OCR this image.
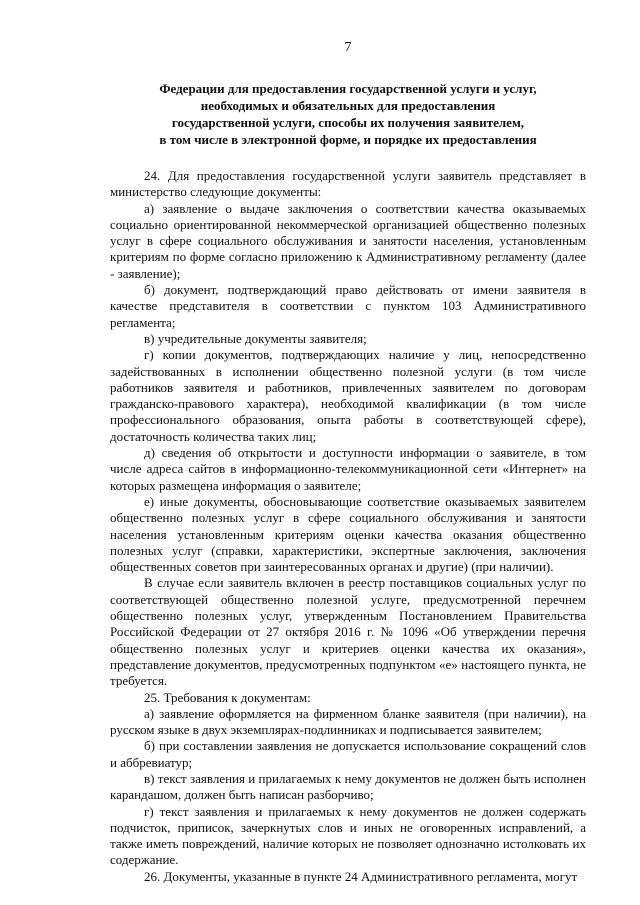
7
Федерации для предоставления государственной услуги и услуг,
необходимых и обязательных для предоставления
государственной услуги, способы их получения заявителем,
в том числе в электронной форме, и порядке их предоставления

24. Для предоставления государственной услуги заявитель представляет в министерство следующие документы:

а) заявление о выдаче заключения о соответствии качества оказываемых социально ориентированной некоммерческой организацией общественно полезных услуг в сфере социального обслуживания и занятости населения, установленным критериям по форме согласно приложению к Административному регламенту (далее - заявление);

б) документ, подтверждающий право действовать от имени заявителя в качестве представителя в соответствии с пунктом 103 Административного регламента;

в) учредительные документы заявителя;

г) копии документов, подтверждающих наличие у лиц, непосредственно задействованных в исполнении общественно полезной услуги (в том числе работников заявителя и работников, привлеченных заявителем по договорам гражданско-правового характера), необходимой квалификации (в том числе профессионального образования, опыта работы в соответствующей сфере), достаточность количества таких лиц;

д) сведения об открытости и доступности информации о заявителе, в том числе адреса сайтов в информационно-телекоммуникационной сети «Интернет» на которых размещена информация о заявителе;

е) иные документы, обосновывающие соответствие оказываемых заявителем общественно полезных услуг в сфере социального обслуживания и занятости населения установленным критериям оценки качества оказания общественно полезных услуг (справки, характеристики, экспертные заключения, заключения общественных советов при заинтересованных органах и другие) (при наличии).

В случае если заявитель включен в реестр поставщиков социальных услуг по соответствующей общественно полезной услуге, предусмотренной перечнем общественно полезных услуг, утвержденным Постановлением Правительства Российской Федерации от 27 октября 2016 г. № 1096 «Об утверждении перечня общественно полезных услуг и критериев оценки качества их оказания», представление документов, предусмотренных подпунктом «е» настоящего пункта, не требуется.

25. Требования к документам:

а) заявление оформляется на фирменном бланке заявителя (при наличии), на русском языке в двух экземплярах-подлинниках и подписывается заявителем;

б) при составлении заявления не допускается использование сокращений слов и аббревиатур;

в) текст заявления и прилагаемых к нему документов не должен быть исполнен карандашом, должен быть написан разборчиво;

г) текст заявления и прилагаемых к нему документов не должен содержать подчисток, приписок, зачеркнутых слов и иных не оговоренных исправлений, а также иметь повреждений, наличие которых не позволяет однозначно истолковать их содержание.

26. Документы, указанные в пункте 24 Административного регламента, могут
